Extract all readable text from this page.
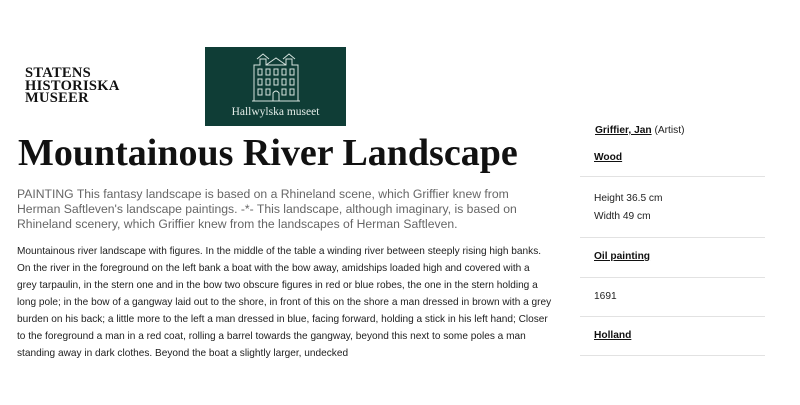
STATENS
HISTORISKA
MUSEER
Hallwylska museet
Mountainous River Landscape

PAINTING This fantasy landscape is based on a Rhineland scene, which Griffier knew from Herman Saftleven's landscape paintings. -*- This landscape, although imaginary, is based on Rhineland scenery, which Griffier knew from the landscapes of Herman Saftleven.

Mountainous river landscape with figures. In the middle of the table a winding river between steeply rising high banks. On the river in the foreground on the left bank a boat with the bow away, amidships loaded high and covered with a grey tarpaulin, in the stern one and in the bow two obscure figures in red or blue robes, the one in the stern holding a long pole; in the bow of a gangway laid out to the shore, in front of this on the shore a man dressed in brown with a grey burden on his back; a little more to the left a man dressed in blue, facing forward, holding a stick in his left hand; Closer to the foreground a man in a red coat, rolling a barrel towards the gangway, beyond this next to some poles a man standing away in dark clothes. Beyond the boat a slightly larger, undecked

Griffier, Jan (Artist)
Wood
Height 36.5 cm
Width 49 cm
Oil painting
1691
Holland
